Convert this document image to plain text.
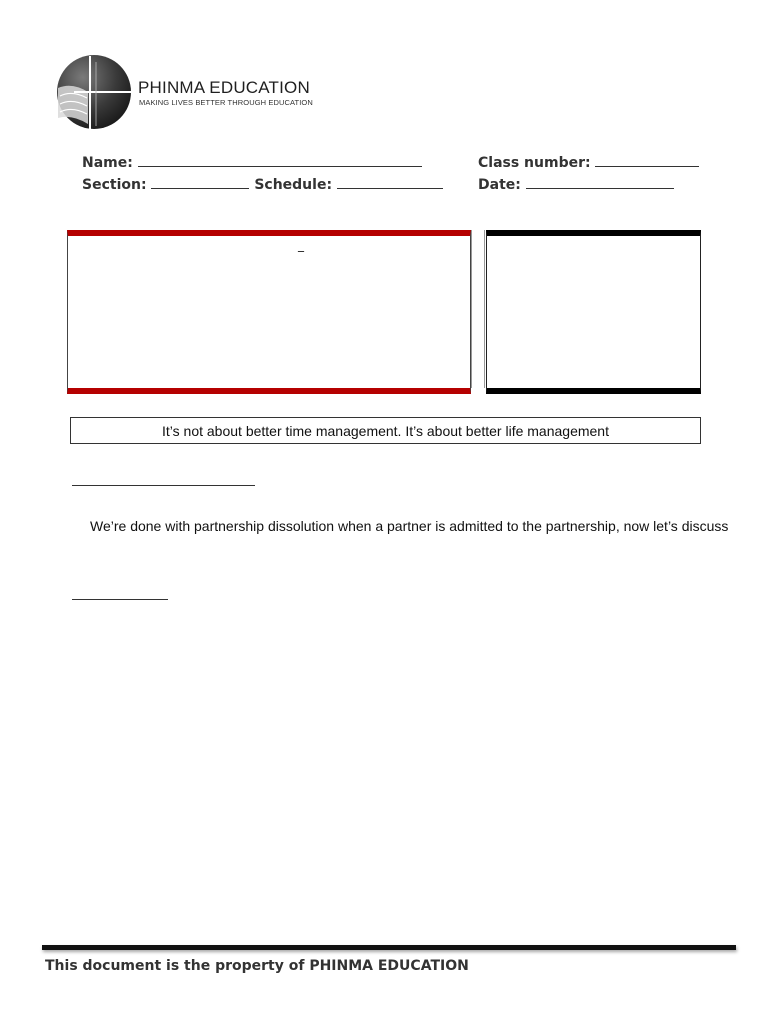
PHINMA EDUCATION
MAKING LIVES BETTER THROUGH EDUCATION
Name:
Section:	Schedule:
Class number:
Date:
_
It’s not about better time management. It’s about better life management
We’re done with partnership dissolution when a partner is admitted to the partnership, now let’s discuss
This document is the property of PHINMA EDUCATION
